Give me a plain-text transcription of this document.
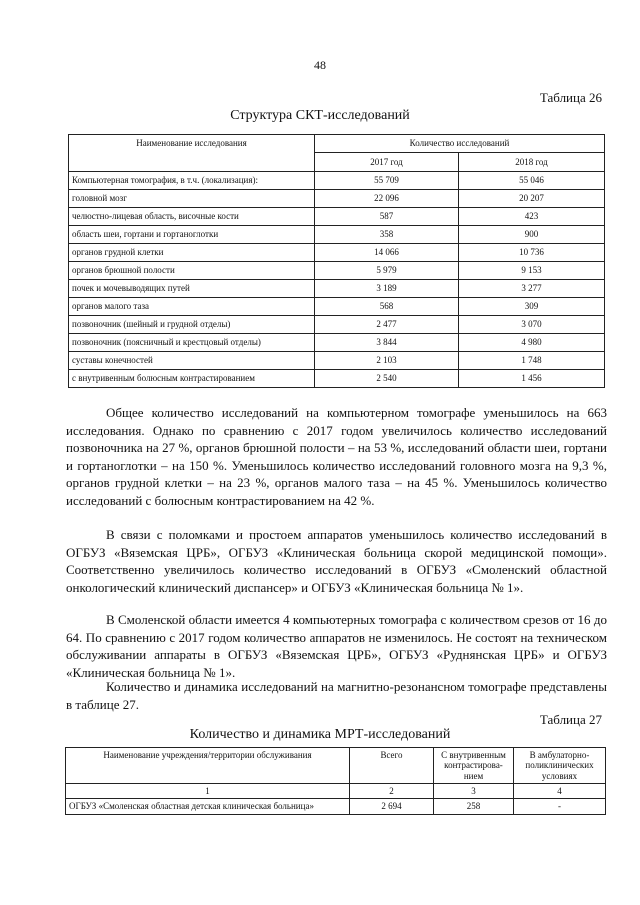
48
Таблица 26
Структура СКТ-исследований
Наименование исследования	Количество исследований	
	2017 год	2018 год
Компьютерная томография, в т.ч. (локализация):	55 709	55 046
головной мозг	22 096	20 207
челюстно-лицевая область, височные кости	587	423
область шеи, гортани и гортаноглотки	358	900
органов грудной клетки	14 066	10 736
органов брюшной полости	5 979	9 153
почек и мочевыводящих путей	3 189	3 277
органов малого таза	568	309
позвоночник (шейный и грудной отделы)	2 477	3 070
позвоночник (поясничный и крестцовый отделы)	3 844	4 980
суставы конечностей	2 103	1 748
с внутривенным болюсным контрастированием	2 540	1 456

Общее количество исследований на компьютерном томографе уменьшилось на 663 исследования. Однако по сравнению с 2017 годом увеличилось количество исследований позвоночника на 27 %, органов брюшной полости – на 53 %, исследований области шеи, гортани и гортаноглотки – на 150 %. Уменьшилось количество исследований головного мозга на 9,3 %, органов грудной клетки – на 23 %, органов малого таза – на 45 %. Уменьшилось количество исследований с болюсным контрастированием на 42 %.

В связи с поломками и простоем аппаратов уменьшилось количество исследований в ОГБУЗ «Вяземская ЦРБ», ОГБУЗ «Клиническая больница скорой медицинской помощи». Соответственно увеличилось количество исследований в ОГБУЗ «Смоленский областной онкологический клинический диспансер» и ОГБУЗ «Клиническая больница № 1».

В Смоленской области имеется 4 компьютерных томографа с количеством срезов от 16 до 64. По сравнению с 2017 годом количество аппаратов не изменилось. Не состоят на техническом обслуживании аппараты в ОГБУЗ «Вяземская ЦРБ», ОГБУЗ «Руднянская ЦРБ» и ОГБУЗ «Клиническая больница № 1».

Количество и динамика исследований на магнитно-резонансном томографе представлены в таблице 27.

Таблица 27
Количество и динамика МРТ-исследований
Наименование учреждения/территории обслуживания	Всего	С внутривенным контрастирова-нием	В амбулаторно-поликлинических условиях
1	2	3	4
ОГБУЗ «Смоленская областная детская клиническая больница»	2 694	258	-
